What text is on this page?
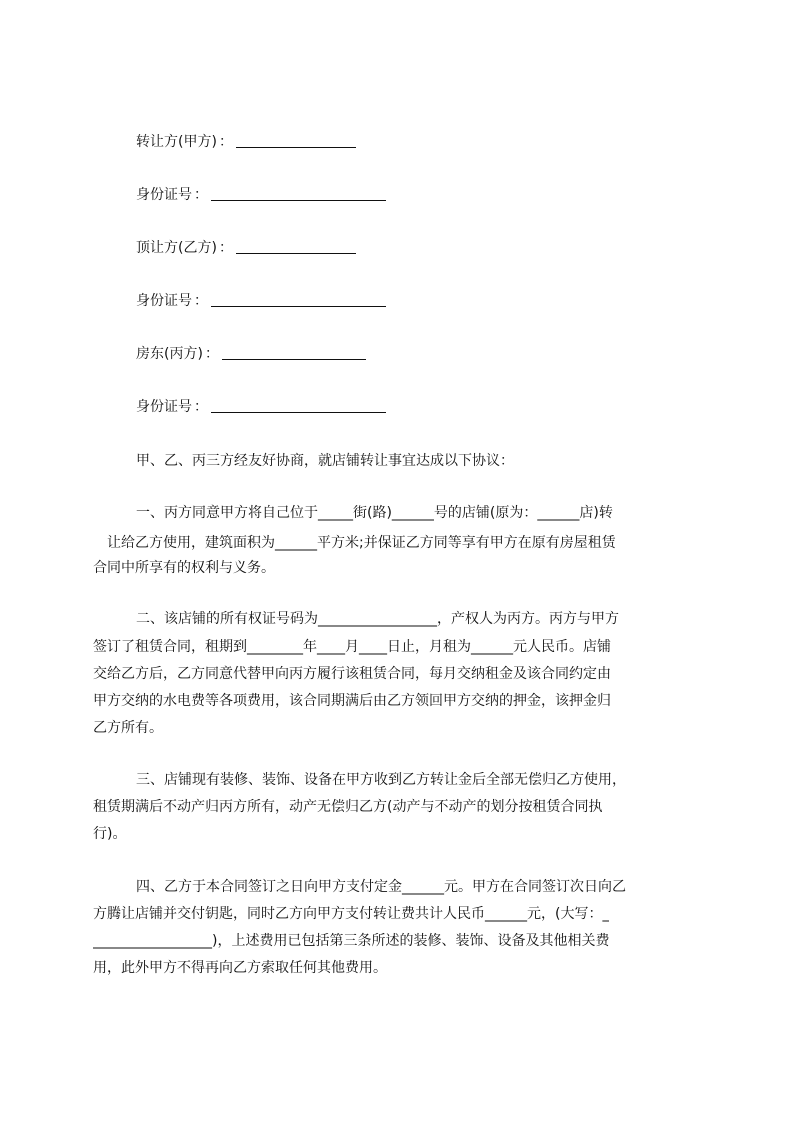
转让方(甲方) ：
身份证号 ：
顶让方(乙方) ：
身份证号 ：
房东(丙方) ：
身份证号 ：
甲、乙、丙三方经友好协商，就店铺转让事宜达成以下协议：
一、丙方同意甲方将自己位于_____街(路)______号的店铺(原为：______店)转
让给乙方使用，建筑面积为______平方米;并保证乙方同等享有甲方在原有房屋租赁
合同中所享有的权利与义务。
二、该店铺的所有权证号码为_________________，产权人为丙方。丙方与甲方
签订了租赁合同，租期到________年____月____日止，月租为______元人民币。店铺
交给乙方后，乙方同意代替甲向丙方履行该租赁合同，每月交纳租金及该合同约定由
甲方交纳的水电费等各项费用，该合同期满后由乙方领回甲方交纳的押金，该押金归
乙方所有。
三、店铺现有装修、装饰、设备在甲方收到乙方转让金后全部无偿归乙方使用，
租赁期满后不动产归丙方所有，动产无偿归乙方(动产与不动产的划分按租赁合同执
行)。
四、乙方于本合同签订之日向甲方支付定金______元。甲方在合同签订次日向乙
方腾让店铺并交付钥匙，同时乙方向甲方支付转让费共计人民币______元，(大写：_
_________________)，上述费用已包括第三条所述的装修、装饰、设备及其他相关费
用，此外甲方不得再向乙方索取任何其他费用。
